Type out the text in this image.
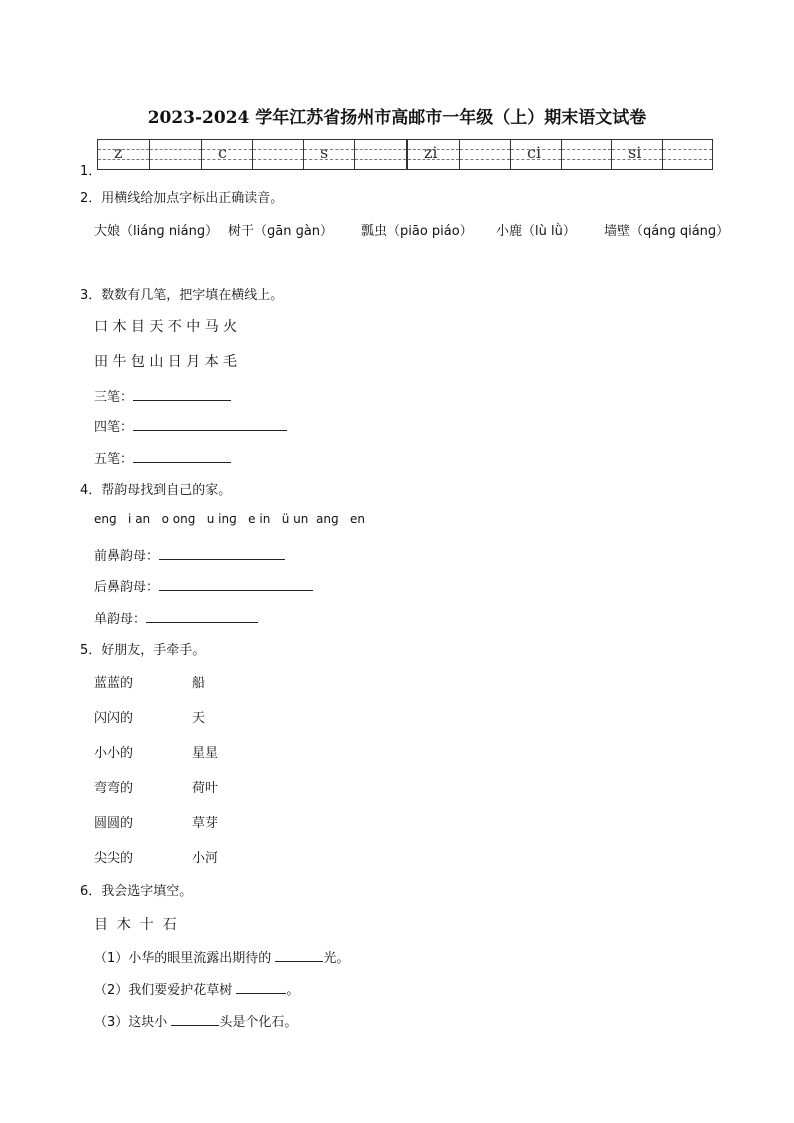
2023-2024 学年江苏省扬州市高邮市一年级（上）期末语文试卷
1．
z	c	s	zi	ci	si
2．用横线给加点字标出正确读音。
大娘（liánɡ niánɡ） 树干（ɡān ɡàn） 瓢虫（piāo piáo） 小鹿（lù lǜ） 墙壁（qánɡ qiánɡ）
3．数数有几笔，把字填在横线上。
口 木 目 天 不 中 马 火
田 牛 包 山 日 月 本 毛
三笔：
四笔：
五笔：
4．帮韵母找到自己的家。
enɡ   i an   o onɡ   u inɡ   e in   ü un  anɡ   en
前鼻韵母：
后鼻韵母：
单韵母：
5．好朋友，手牵手。
蓝蓝的	船
闪闪的	天
小小的	星星
弯弯的	荷叶
圆圆的	草芽
尖尖的	小河
6．我会选字填空。
目  木  十  石
（1）小华的眼里流露出期待的	光。
（2）我们要爱护花草树	。
（3）这块小	头是个化石。
